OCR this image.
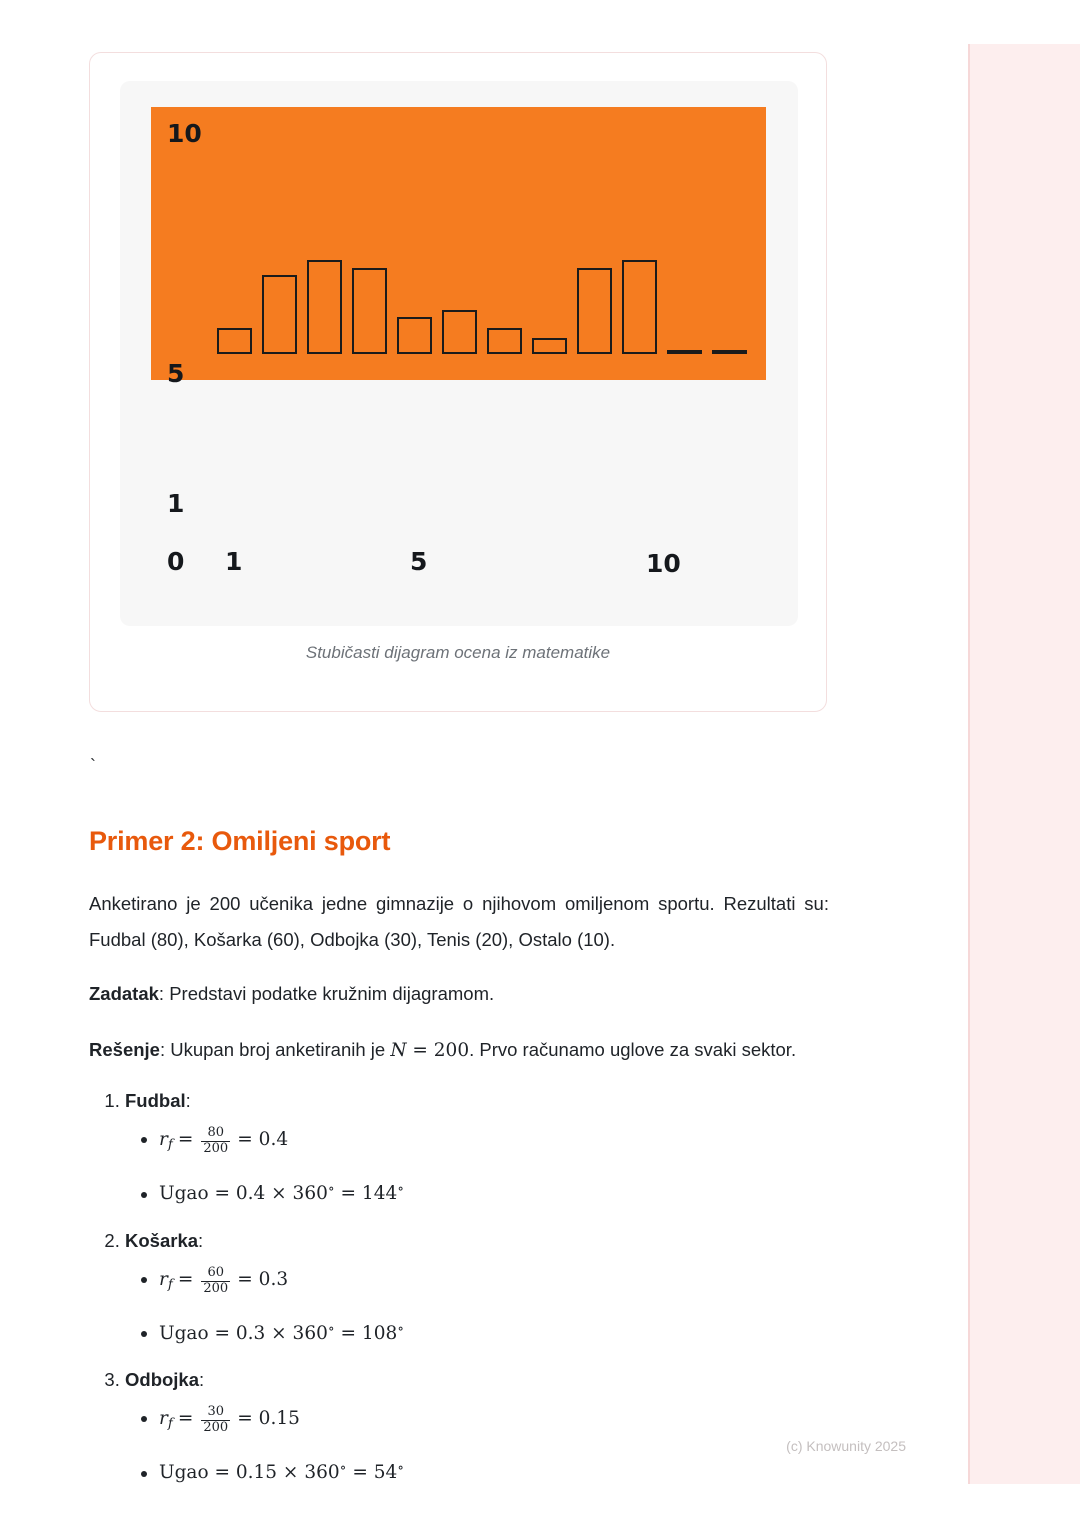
10
5
1
0 1	5	10
Stubičasti dijagram ocena iz matematike
`
Primer 2: Omiljeni sport
Anketirano je 200 učenika jedne gimnazije o njihovom omiljenom sportu. Rezultati su: Fudbal (80), Košarka (60), Odbojka (30), Tenis (20), Ostalo (10).
Zadatak: Predstavi podatke kružnim dijagramom.
Rešenje: Ukupan broj anketiranih je N = 200. Prvo računamo uglove za svaki sektor.
1. Fudbal:
• rf = $\frac{80}{200} = 0.4$
• Ugao = 0.4 × 360∘ = 144∘
2. Košarka:
• rf = $\frac{60}{200} = 0.3$
• Ugao = 0.3 × 360∘ = 108∘
3. Odbojka:
• rf = $\frac{30}{200} = 0.15$
• Ugao = 0.15 × 360∘ = 54∘
(c) Knowunity 2025
